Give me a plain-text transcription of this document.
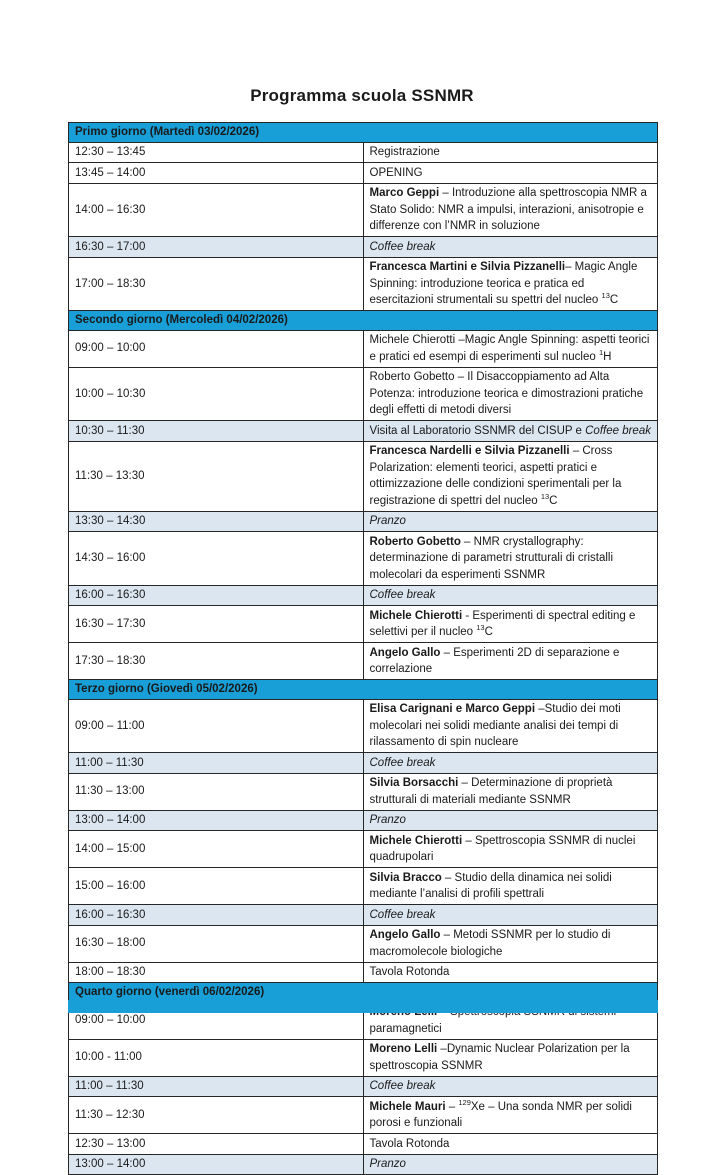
Programma scuola SSNMR
Primo giorno (Martedì 03/02/2026)	
12:30 – 13:45	Registrazione
13:45 – 14:00	OPENING
14:00 – 16:30	Marco Geppi – Introduzione alla spettroscopia NMR a Stato Solido: NMR a impulsi, interazioni, anisotropie e differenze con l’NMR in soluzione
16:30 – 17:00	Coffee break
17:00 – 18:30	Francesca Martini e Silvia Pizzanelli– Magic Angle Spinning: introduzione teorica e pratica ed esercitazioni strumentali su spettri del nucleo $^{13}$C
Secondo giorno (Mercoledì 04/02/2026)	
09:00 – 10:00	Michele Chierotti –Magic Angle Spinning: aspetti teorici e pratici ed esempi di esperimenti sul nucleo $^1$H
10:00 – 10:30	Roberto Gobetto – Il Disaccoppiamento ad Alta Potenza: introduzione teorica e dimostrazioni pratiche degli effetti di metodi diversi
10:30 – 11:30	Visita al Laboratorio SSNMR del CISUP e Coffee break
11:30 – 13:30	Francesca Nardelli e Silvia Pizzanelli – Cross Polarization: elementi teorici, aspetti pratici e ottimizzazione delle condizioni sperimentali per la registrazione di spettri del nucleo $^{13}$C
13:30 – 14:30	Pranzo
14:30 – 16:00	Roberto Gobetto – NMR crystallography: determinazione di parametri strutturali di cristalli molecolari da esperimenti SSNMR
16:00 – 16:30	Coffee break
16:30 – 17:30	Michele Chierotti - Esperimenti di spectral editing e selettivi per il nucleo $^{13}$C
17:30 – 18:30	Angelo Gallo – Esperimenti 2D di separazione e correlazione
Terzo giorno (Giovedì 05/02/2026)	
09:00 – 11:00	Elisa Carignani e Marco Geppi –Studio dei moti molecolari nei solidi mediante analisi dei tempi di rilassamento di spin nucleare
11:00 – 11:30	Coffee break
11:30 – 13:00	Silvia Borsacchi – Determinazione di proprietà strutturali di materiali mediante SSNMR
13:00 – 14:00	Pranzo
14:00 – 15:00	Michele Chierotti – Spettroscopia SSNMR di nuclei quadrupolari
15:00 – 16:00	Silvia Bracco – Studio della dinamica nei solidi mediante l’analisi di profili spettrali
16:00 – 16:30	Coffee break
16:30 – 18:00	Angelo Gallo – Metodi SSNMR per lo studio di macromolecole biologiche
18:00 – 18:30	Tavola Rotonda
Quarto giorno (venerdì 06/02/2026)	
09:00 – 10:00	paramagnetici
10:00 - 11:00	Moreno Lelli –Dynamic Nuclear Polarization per la spettroscopia SSNMR
11:00 – 11:30	Coffee break
11:30 – 12:30	Michele Mauri – $^{129}$Xe – Una sonda NMR per solidi porosi e funzionali
12:30 – 13:00	Tavola Rotonda
13:00 – 14:00	Pranzo
